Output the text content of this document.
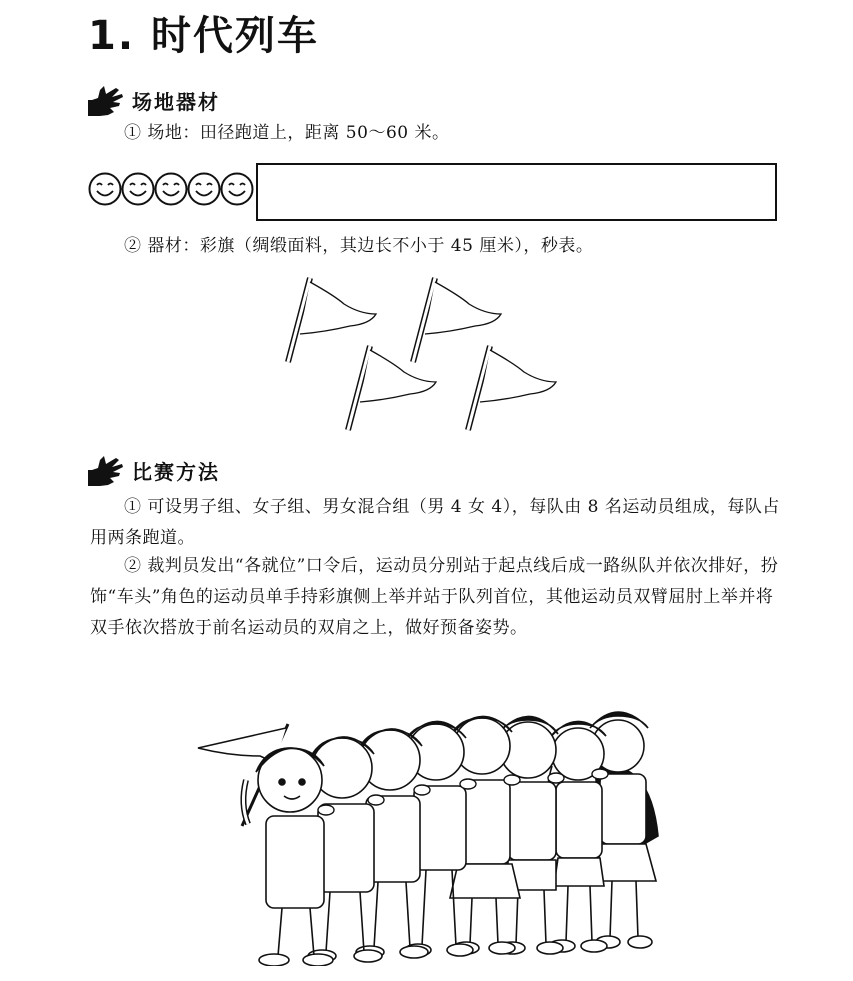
1. 时代列车
场地器材

① 场地：田径跑道上，距离 50～60 米。

② 器材：彩旗（绸缎面料，其边长不小于 45 厘米），秒表。

比赛方法

① 可设男子组、女子组、男女混合组（男 4 女 4），每队由 8 名运动员组成，每队占用两条跑道。

② 裁判员发出“各就位”口令后，运动员分别站于起点线后成一路纵队并依次排好，扮饰“车头”角色的运动员单手持彩旗侧上举并站于队列首位，其他运动员双臂屈肘上举并将双手依次搭放于前名运动员的双肩之上，做好预备姿势。
